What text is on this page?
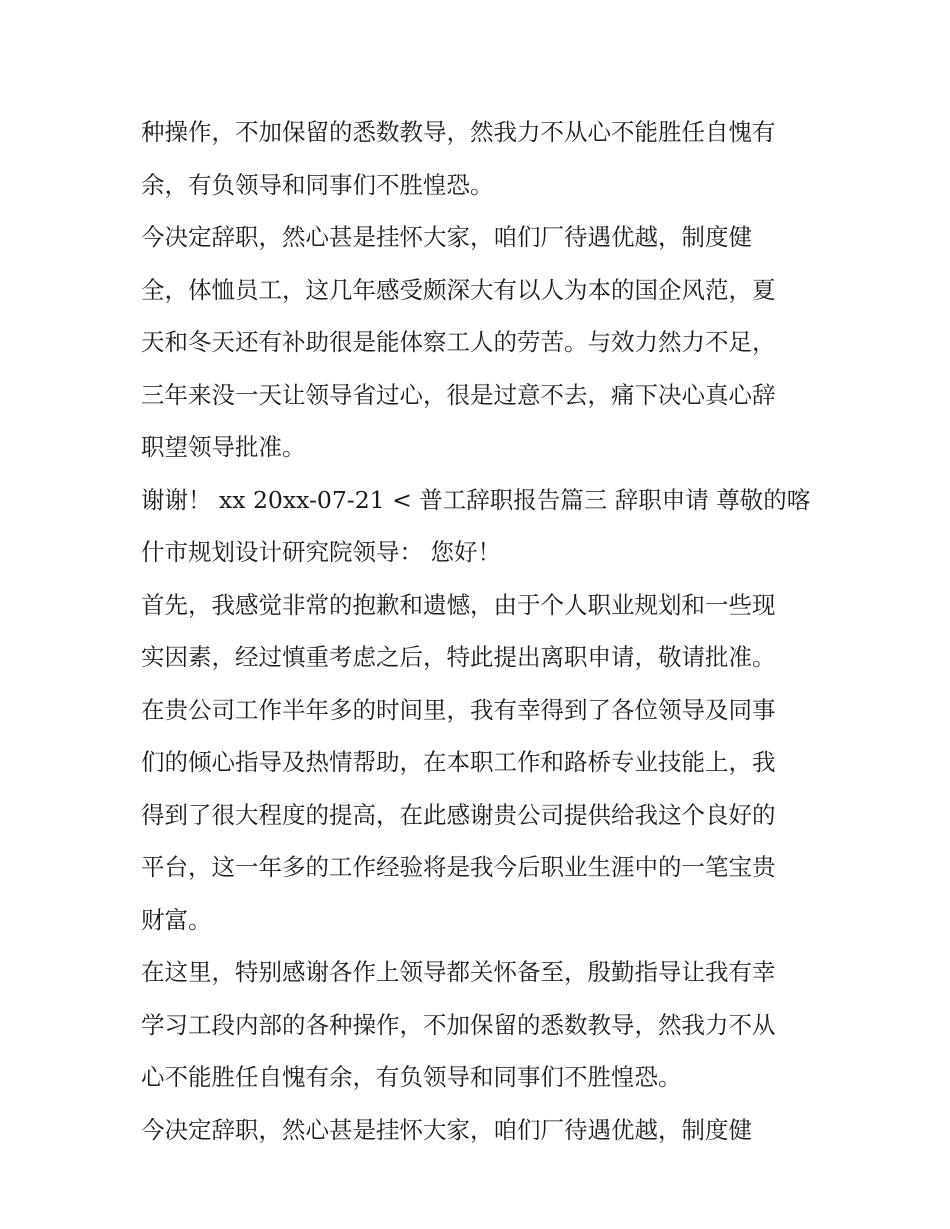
种操作，不加保留的悉数教导，然我力不从心不能胜任自愧有
余，有负领导和同事们不胜惶恐。
今决定辞职，然心甚是挂怀大家，咱们厂待遇优越，制度健
全，体恤员工，这几年感受颇深大有以人为本的国企风范，夏
天和冬天还有补助很是能体察工人的劳苦。与效力然力不足，
三年来没一天让领导省过心，很是过意不去，痛下决心真心辞
职望领导批准。
谢谢！ xx 20xx-07-21 < 普工辞职报告篇三 辞职申请 尊敬的喀
什市规划设计研究院领导： 您好！
首先，我感觉非常的抱歉和遗憾，由于个人职业规划和一些现
实因素，经过慎重考虑之后，特此提出离职申请，敬请批准。
在贵公司工作半年多的时间里，我有幸得到了各位领导及同事
们的倾心指导及热情帮助，在本职工作和路桥专业技能上，我
得到了很大程度的提高，在此感谢贵公司提供给我这个良好的
平台，这一年多的工作经验将是我今后职业生涯中的一笔宝贵
财富。
在这里，特别感谢各作上领导都关怀备至，殷勤指导让我有幸
学习工段内部的各种操作，不加保留的悉数教导，然我力不从
心不能胜任自愧有余，有负领导和同事们不胜惶恐。
今决定辞职，然心甚是挂怀大家，咱们厂待遇优越，制度健
